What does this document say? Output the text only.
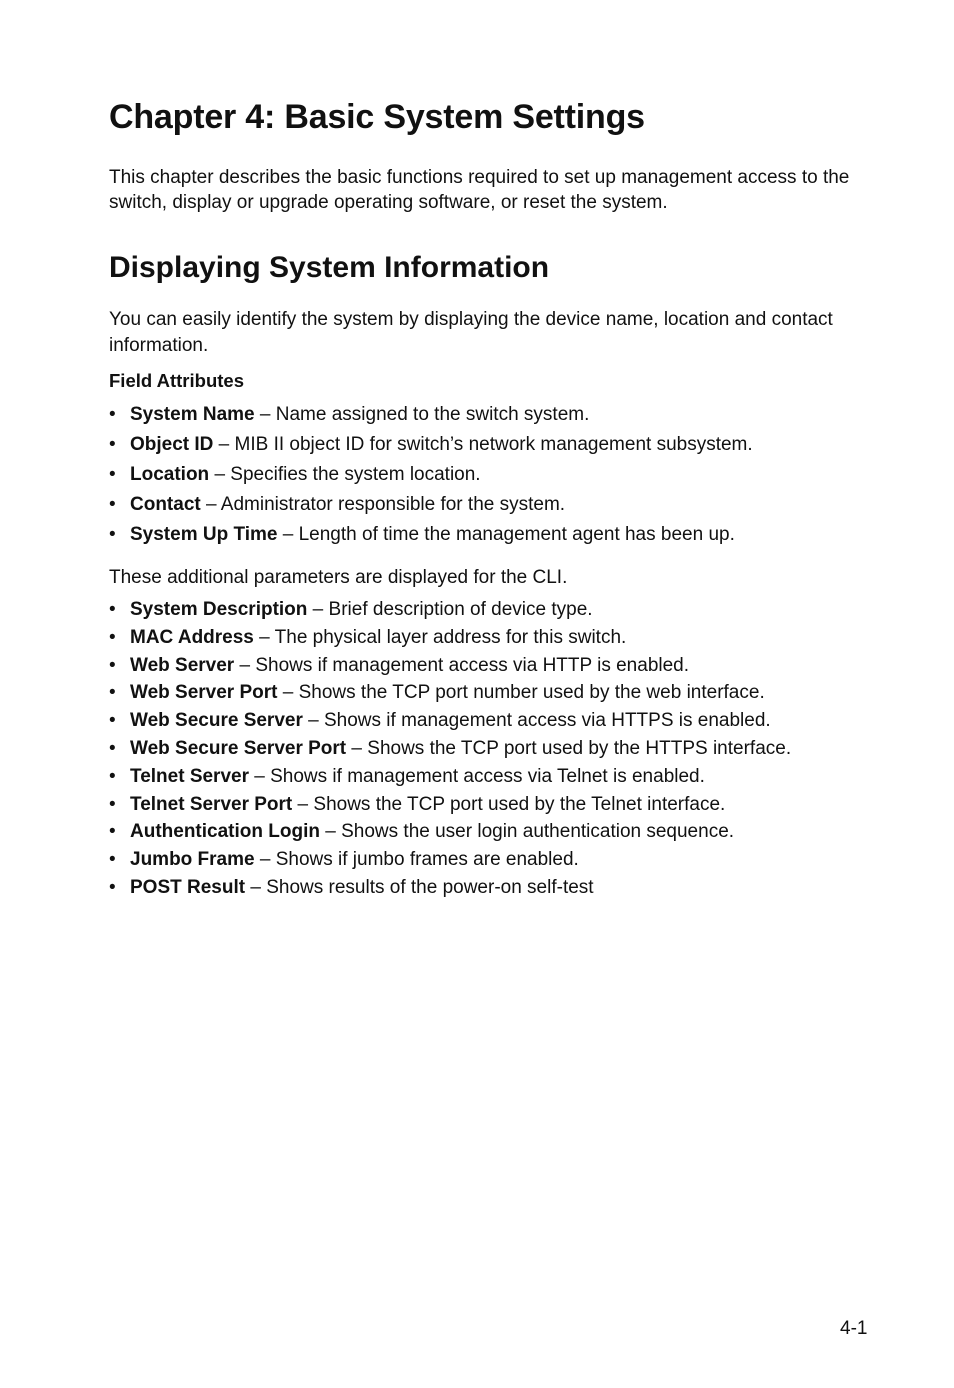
Chapter 4: Basic System Settings

This chapter describes the basic functions required to set up management access to the switch, display or upgrade operating software, or reset the system.

Displaying System Information

You can easily identify the system by displaying the device name, location and contact information.

Field Attributes

• System Name – Name assigned to the switch system.
• Object ID – MIB II object ID for switch’s network management subsystem.
• Location – Specifies the system location.
• Contact – Administrator responsible for the system.
• System Up Time – Length of time the management agent has been up.

These additional parameters are displayed for the CLI.

• System Description – Brief description of device type.
• MAC Address – The physical layer address for this switch.
• Web Server – Shows if management access via HTTP is enabled.
• Web Server Port – Shows the TCP port number used by the web interface.
• Web Secure Server – Shows if management access via HTTPS is enabled.
• Web Secure Server Port – Shows the TCP port used by the HTTPS interface.
• Telnet Server – Shows if management access via Telnet is enabled.
• Telnet Server Port – Shows the TCP port used by the Telnet interface.
• Authentication Login – Shows the user login authentication sequence.
• Jumbo Frame – Shows if jumbo frames are enabled.
• POST Result – Shows results of the power-on self-test
4-1
